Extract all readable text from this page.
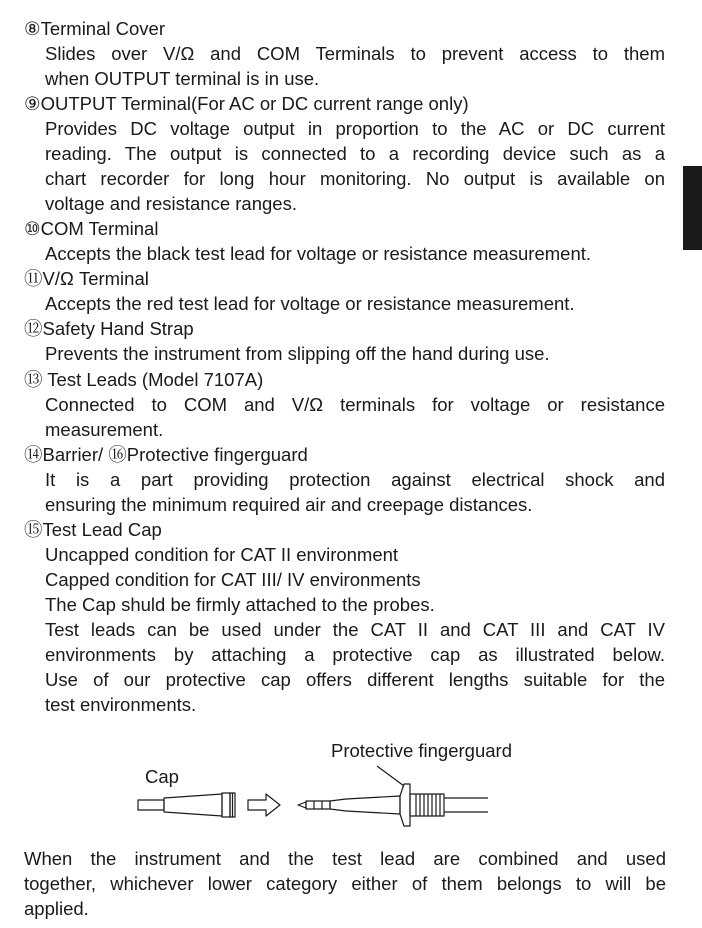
⑧Terminal Cover
Slides over V/Ω and COM Terminals to prevent access to them
when OUTPUT terminal is in use.
⑨OUTPUT Terminal(For AC or DC current range only)
Provides DC voltage output in proportion to the AC or DC current
reading. The output is connected to a recording device such as a
chart recorder for long hour monitoring. No output is available on
voltage and resistance ranges.
⑩COM Terminal
Accepts the black test lead for voltage or resistance measurement.
⑪V/Ω Terminal
Accepts the red test lead for voltage or resistance measurement.
⑫Safety Hand Strap
Prevents the instrument from slipping off the hand during use.
⑬ Test Leads (Model 7107A)
Connected to COM and V/Ω terminals for voltage or resistance
measurement.
⑭Barrier/ ⑯Protective fingerguard
It is a part providing protection against electrical shock and
ensuring the minimum required air and creepage distances.
⑮Test Lead Cap
Uncapped condition for CAT II environment
Capped condition for CAT III/ IV environments
The Cap shuld be firmly attached to the probes.
Test leads can be used under the CAT II and CAT III and CAT IV
environments by attaching a protective cap as illustrated below.
Use of our protective cap offers different lengths suitable for the
test environments.
Protective fingerguard
Cap
When the instrument and the test lead are combined and used
together, whichever lower category either of them belongs to will be
applied.
